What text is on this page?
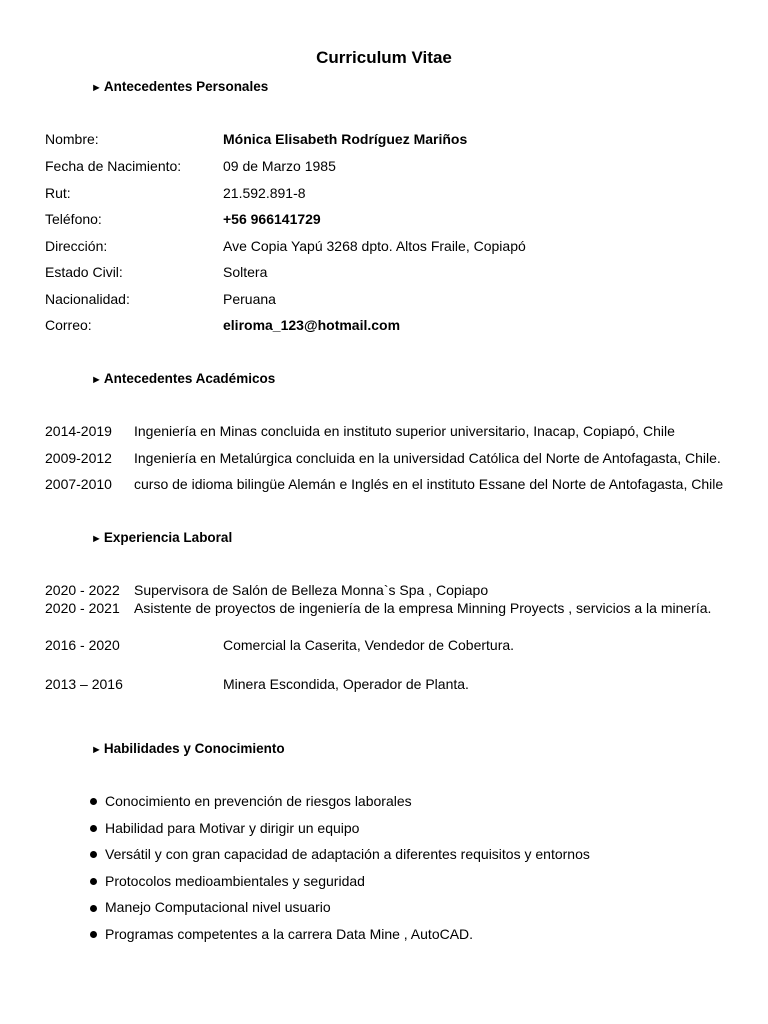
Curriculum Vitae
► Antecedentes Personales
Nombre:	Mónica Elisabeth Rodríguez Mariños
Fecha de Nacimiento:	09 de Marzo 1985
Rut:	21.592.891-8
Teléfono:	+56 966141729
Dirección:	Ave Copia Yapú 3268 dpto. Altos Fraile, Copiapó
Estado Civil:	Soltera
Nacionalidad:	Peruana
Correo:	eliroma_123@hotmail.com
► Antecedentes Académicos
2014-2019 Ingeniería en Minas concluida en instituto superior universitario, Inacap, Copiapó, Chile
2009-2012 Ingeniería en Metalúrgica concluida en la universidad Católica del Norte de Antofagasta, Chile.
2007-2010 curso de idioma bilingüe Alemán e Inglés en el instituto Essane del Norte de Antofagasta, Chile
► Experiencia Laboral
2020 - 2022 Supervisora de Salón de Belleza Monna`s Spa , Copiapo
2020 - 2021 Asistente de proyectos de ingeniería de la empresa Minning Proyects , servicios a la minería.
2016 - 2020	Comercial la Caserita, Vendedor de Cobertura.
2013 – 2016	Minera Escondida, Operador de Planta.
► Habilidades y Conocimiento
Conocimiento en prevención de riesgos laborales
Habilidad para Motivar y dirigir un equipo
Versátil y con gran capacidad de adaptación a diferentes requisitos y entornos
Protocolos medioambientales y seguridad
Manejo Computacional nivel usuario
Programas competentes a la carrera Data Mine , AutoCAD.
